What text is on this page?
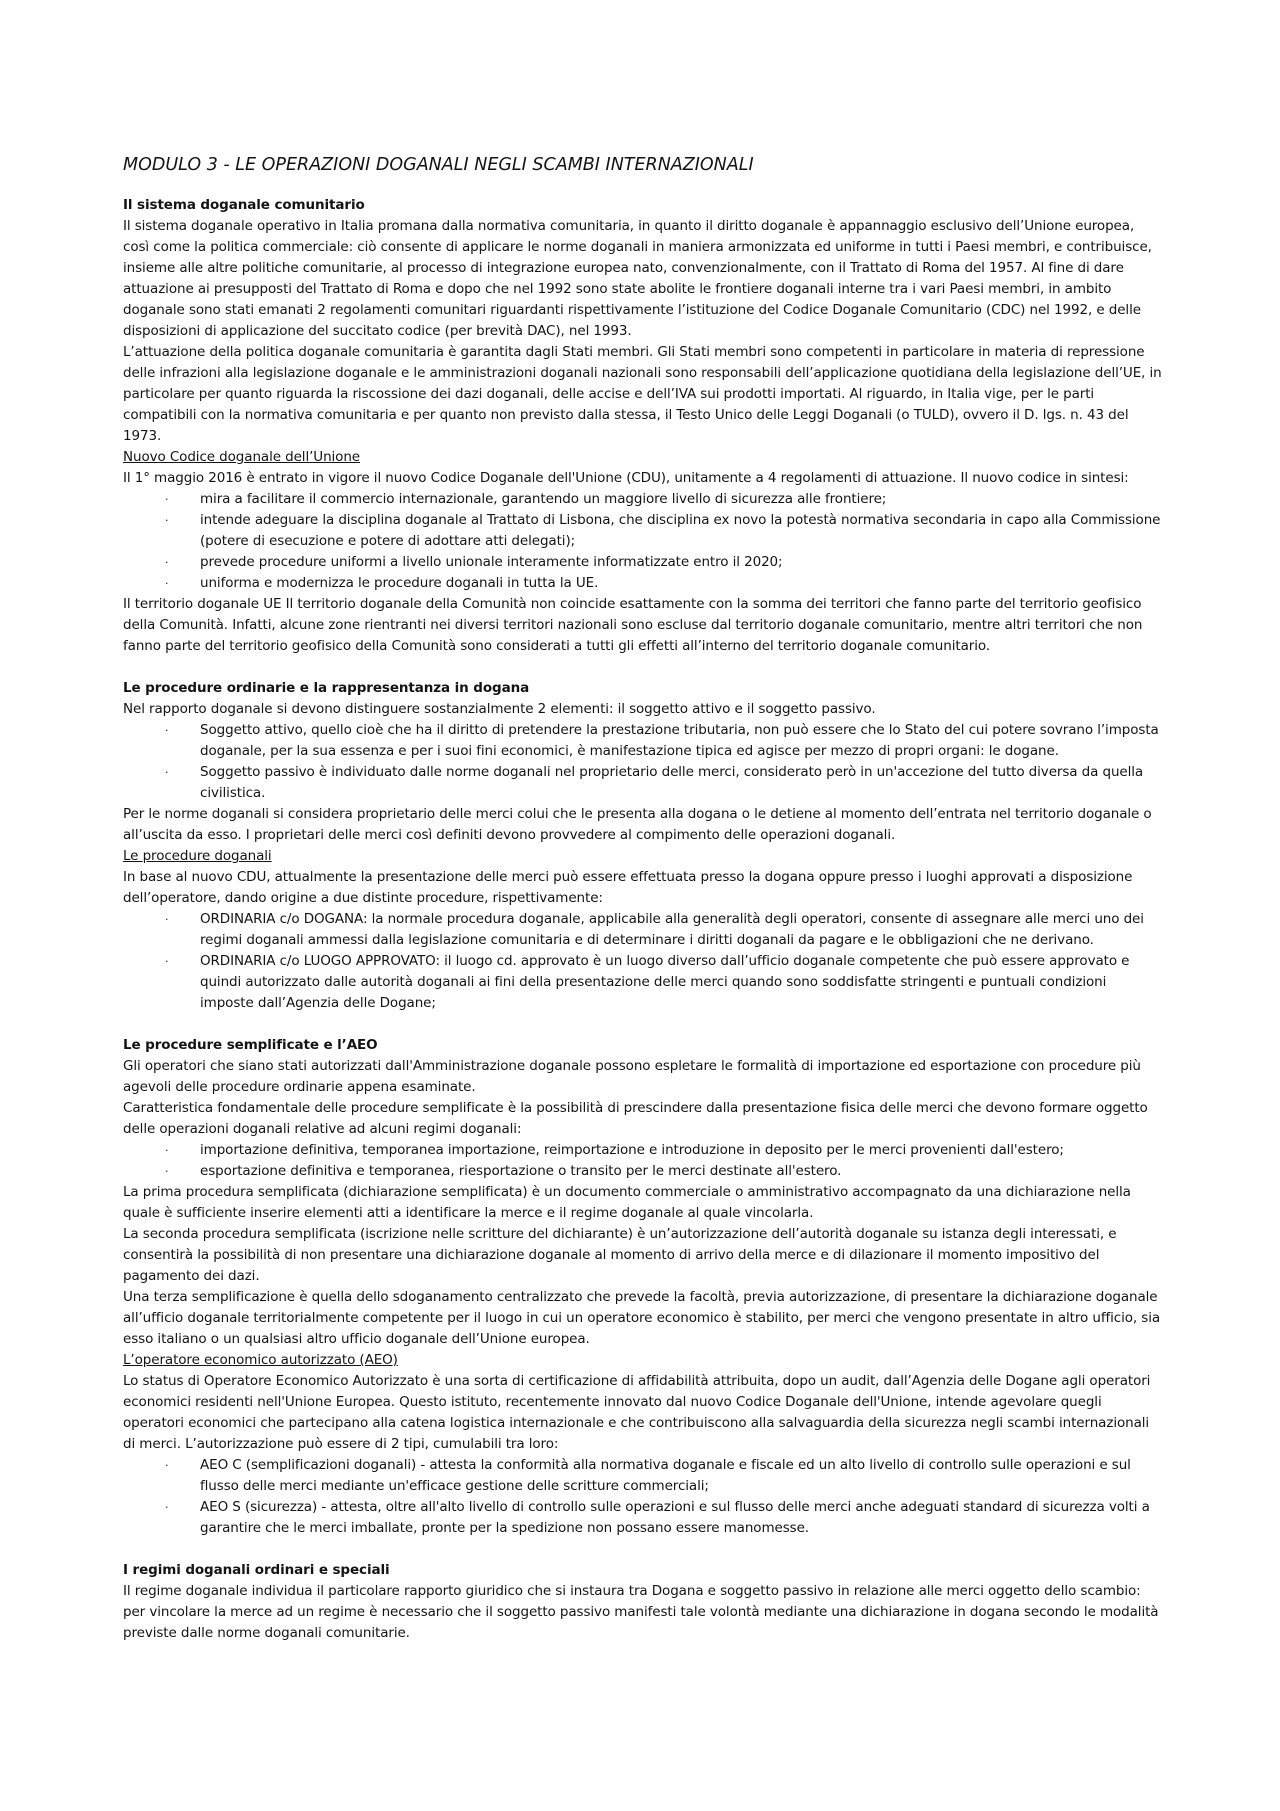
MODULO 3 - LE OPERAZIONI DOGANALI NEGLI SCAMBI INTERNAZIONALI

Il sistema doganale comunitario

Il sistema doganale operativo in Italia promana dalla normativa comunitaria, in quanto il diritto doganale è appannaggio esclusivo dell’Unione europea, così come la politica commerciale: ciò consente di applicare le norme doganali in maniera armonizzata ed uniforme in tutti i Paesi membri, e contribuisce, insieme alle altre politiche comunitarie, al processo di integrazione europea nato, convenzionalmente, con il Trattato di Roma del 1957. Al fine di dare attuazione ai presupposti del Trattato di Roma e dopo che nel 1992 sono state abolite le frontiere doganali interne tra i vari Paesi membri, in ambito doganale sono stati emanati 2 regolamenti comunitari riguardanti rispettivamente l’istituzione del Codice Doganale Comunitario (CDC) nel 1992, e delle disposizioni di applicazione del succitato codice (per brevità DAC), nel 1993.

L’attuazione della politica doganale comunitaria è garantita dagli Stati membri. Gli Stati membri sono competenti in particolare in materia di repressione delle infrazioni alla legislazione doganale e le amministrazioni doganali nazionali sono responsabili dell’applicazione quotidiana della legislazione dell’UE, in particolare per quanto riguarda la riscossione dei dazi doganali, delle accise e dell’IVA sui prodotti importati. Al riguardo, in Italia vige, per le parti compatibili con la normativa comunitaria e per quanto non previsto dalla stessa, il Testo Unico delle Leggi Doganali (o TULD), ovvero il D. lgs. n. 43 del 1973.

Nuovo Codice doganale dell’Unione

Il 1° maggio 2016 è entrato in vigore il nuovo Codice Doganale dell'Unione (CDU), unitamente a 4 regolamenti di attuazione. Il nuovo codice in sintesi:

· mira a facilitare il commercio internazionale, garantendo un maggiore livello di sicurezza alle frontiere;
· intende adeguare la disciplina doganale al Trattato di Lisbona, che disciplina ex novo la potestà normativa secondaria in capo alla Commissione (potere di esecuzione e potere di adottare atti delegati);
· prevede procedure uniformi a livello unionale interamente informatizzate entro il 2020;
· uniforma e modernizza le procedure doganali in tutta la UE.

Il territorio doganale UE Il territorio doganale della Comunità non coincide esattamente con la somma dei territori che fanno parte del territorio geofisico della Comunità. Infatti, alcune zone rientranti nei diversi territori nazionali sono escluse dal territorio doganale comunitario, mentre altri territori che non fanno parte del territorio geofisico della Comunità sono considerati a tutti gli effetti all’interno del territorio doganale comunitario.

Le procedure ordinarie e la rappresentanza in dogana

Nel rapporto doganale si devono distinguere sostanzialmente 2 elementi: il soggetto attivo e il soggetto passivo.

· Soggetto attivo, quello cioè che ha il diritto di pretendere la prestazione tributaria, non può essere che lo Stato del cui potere sovrano l’imposta doganale, per la sua essenza e per i suoi fini economici, è manifestazione tipica ed agisce per mezzo di propri organi: le dogane.
· Soggetto passivo è individuato dalle norme doganali nel proprietario delle merci, considerato però in un'accezione del tutto diversa da quella civilistica.

Per le norme doganali si considera proprietario delle merci colui che le presenta alla dogana o le detiene al momento dell’entrata nel territorio doganale o all’uscita da esso. I proprietari delle merci così definiti devono provvedere al compimento delle operazioni doganali.

Le procedure doganali

In base al nuovo CDU, attualmente la presentazione delle merci può essere effettuata presso la dogana oppure presso i luoghi approvati a disposizione dell’operatore, dando origine a due distinte procedure, rispettivamente:

· ORDINARIA c/o DOGANA: la normale procedura doganale, applicabile alla generalità degli operatori, consente di assegnare alle merci uno dei regimi doganali ammessi dalla legislazione comunitaria e di determinare i diritti doganali da pagare e le obbligazioni che ne derivano.
· ORDINARIA c/o LUOGO APPROVATO: il luogo cd. approvato è un luogo diverso dall’ufficio doganale competente che può essere approvato e quindi autorizzato dalle autorità doganali ai fini della presentazione delle merci quando sono soddisfatte stringenti e puntuali condizioni imposte dall’Agenzia delle Dogane;

Le procedure semplificate e l’AEO

Gli operatori che siano stati autorizzati dall'Amministrazione doganale possono espletare le formalità di importazione ed esportazione con procedure più agevoli delle procedure ordinarie appena esaminate.

Caratteristica fondamentale delle procedure semplificate è la possibilità di prescindere dalla presentazione fisica delle merci che devono formare oggetto delle operazioni doganali relative ad alcuni regimi doganali:

· importazione definitiva, temporanea importazione, reimportazione e introduzione in deposito per le merci provenienti dall'estero;
· esportazione definitiva e temporanea, riesportazione o transito per le merci destinate all'estero.

La prima procedura semplificata (dichiarazione semplificata) è un documento commerciale o amministrativo accompagnato da una dichiarazione nella quale è sufficiente inserire elementi atti a identificare la merce e il regime doganale al quale vincolarla.

La seconda procedura semplificata (iscrizione nelle scritture del dichiarante) è un’autorizzazione dell’autorità doganale su istanza degli interessati, e consentirà la possibilità di non presentare una dichiarazione doganale al momento di arrivo della merce e di dilazionare il momento impositivo del pagamento dei dazi.

Una terza semplificazione è quella dello sdoganamento centralizzato che prevede la facoltà, previa autorizzazione, di presentare la dichiarazione doganale all’ufficio doganale territorialmente competente per il luogo in cui un operatore economico è stabilito, per merci che vengono presentate in altro ufficio, sia esso italiano o un qualsiasi altro ufficio doganale dell’Unione europea.

L’operatore economico autorizzato (AEO)

Lo status di Operatore Economico Autorizzato è una sorta di certificazione di affidabilità attribuita, dopo un audit, dall’Agenzia delle Dogane agli operatori economici residenti nell'Unione Europea. Questo istituto, recentemente innovato dal nuovo Codice Doganale dell'Unione, intende agevolare quegli operatori economici che partecipano alla catena logistica internazionale e che contribuiscono alla salvaguardia della sicurezza negli scambi internazionali di merci. L’autorizzazione può essere di 2 tipi, cumulabili tra loro:

· AEO C (semplificazioni doganali) - attesta la conformità alla normativa doganale e fiscale ed un alto livello di controllo sulle operazioni e sul flusso delle merci mediante un'efficace gestione delle scritture commerciali;
· AEO S (sicurezza) - attesta, oltre all'alto livello di controllo sulle operazioni e sul flusso delle merci anche adeguati standard di sicurezza volti a garantire che le merci imballate, pronte per la spedizione non possano essere manomesse.

I regimi doganali ordinari e speciali

Il regime doganale individua il particolare rapporto giuridico che si instaura tra Dogana e soggetto passivo in relazione alle merci oggetto dello scambio: per vincolare la merce ad un regime è necessario che il soggetto passivo manifesti tale volontà mediante una dichiarazione in dogana secondo le modalità previste dalle norme doganali comunitarie.
